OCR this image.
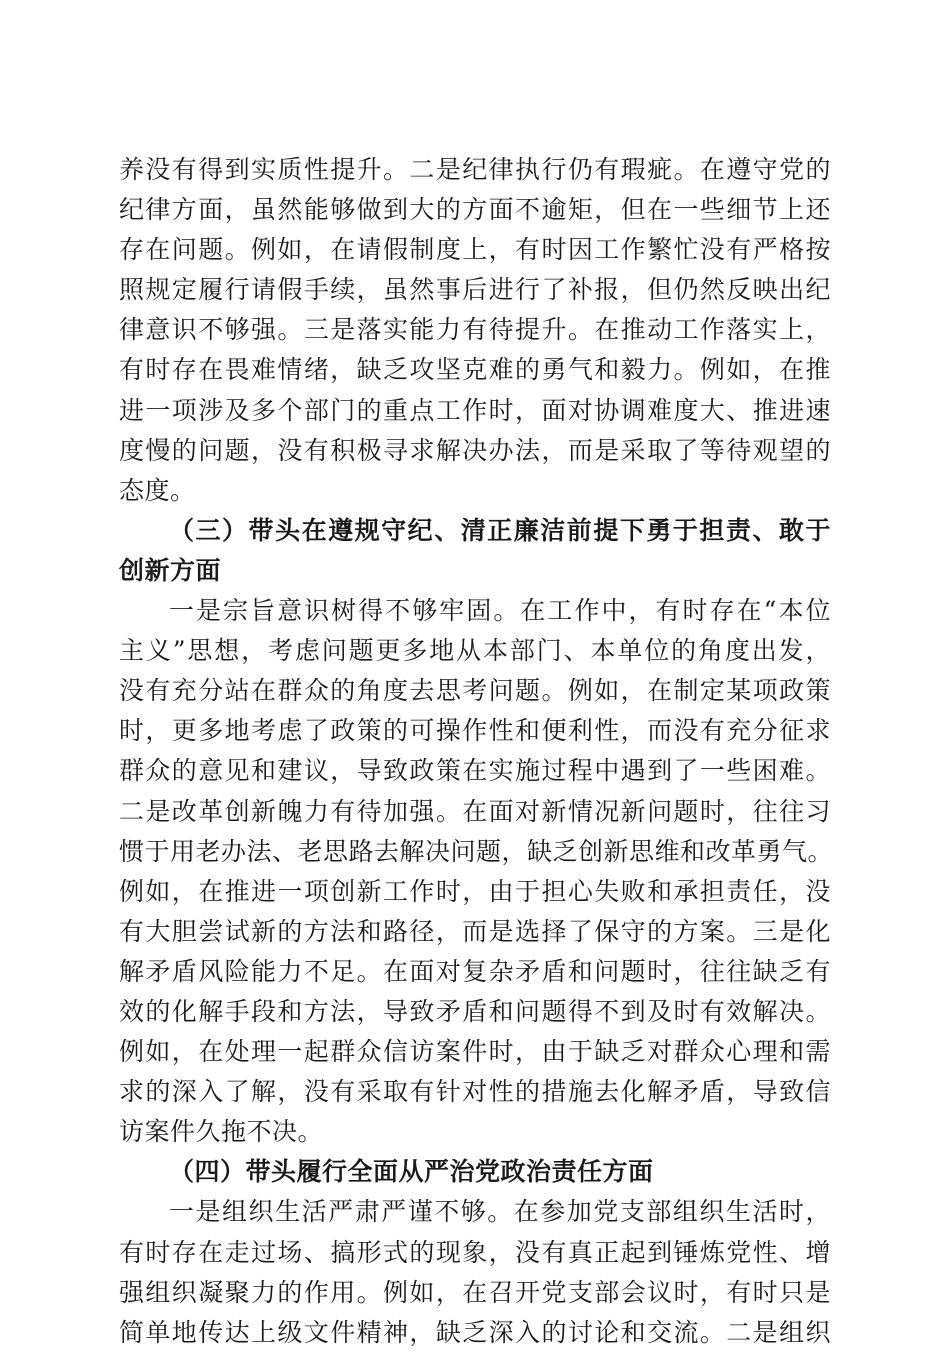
养没有得到实质性提升。二是纪律执行仍有瑕疵。在遵守党的
纪律方面，虽然能够做到大的方面不逾矩，但在一些细节上还
存在问题。例如，在请假制度上，有时因工作繁忙没有严格按
照规定履行请假手续，虽然事后进行了补报，但仍然反映出纪
律意识不够强。三是落实能力有待提升。在推动工作落实上，
有时存在畏难情绪，缺乏攻坚克难的勇气和毅力。例如，在推
进一项涉及多个部门的重点工作时，面对协调难度大、推进速
度慢的问题，没有积极寻求解决办法，而是采取了等待观望的
态度。
（三）带头在遵规守纪、清正廉洁前提下勇于担责、敢于
创新方面
一是宗旨意识树得不够牢固。在工作中，有时存在“本位
主义”思想，考虑问题更多地从本部门、本单位的角度出发，
没有充分站在群众的角度去思考问题。例如，在制定某项政策
时，更多地考虑了政策的可操作性和便利性，而没有充分征求
群众的意见和建议，导致政策在实施过程中遇到了一些困难。
二是改革创新魄力有待加强。在面对新情况新问题时，往往习
惯于用老办法、老思路去解决问题，缺乏创新思维和改革勇气。
例如，在推进一项创新工作时，由于担心失败和承担责任，没
有大胆尝试新的方法和路径，而是选择了保守的方案。三是化
解矛盾风险能力不足。在面对复杂矛盾和问题时，往往缺乏有
效的化解手段和方法，导致矛盾和问题得不到及时有效解决。
例如，在处理一起群众信访案件时，由于缺乏对群众心理和需
求的深入了解，没有采取有针对性的措施去化解矛盾，导致信
访案件久拖不决。
（四）带头履行全面从严治党政治责任方面
一是组织生活严肃严谨不够。在参加党支部组织生活时，
有时存在走过场、搞形式的现象，没有真正起到锤炼党性、增
强组织凝聚力的作用。例如，在召开党支部会议时，有时只是
简单地传达上级文件精神，缺乏深入的讨论和交流。二是组织
